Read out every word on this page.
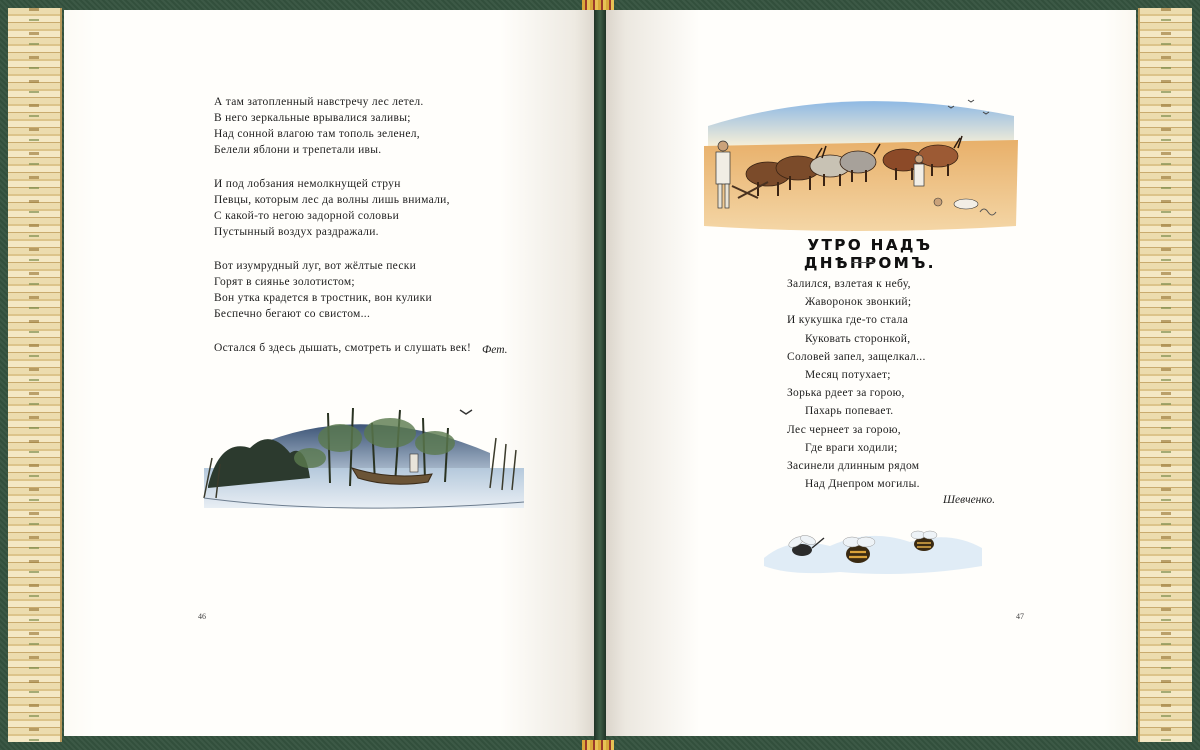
А там затопленный навстречу лес летел.
В него зеркальные врывалися заливы;
Над сонной влагою там тополь зеленел,
Белели яблони и трепетали ивы.
И под лобзания немолкнущей струн
Певцы, которым лес да волны лишь внимали,
С какой-то негою задорной соловьи
Пустынный воздух раздражали.
Вот изумрудный луг, вот жёлтые пески
Горят в сиянье золотистом;
Вон утка крадется в тростник, вон кулики
Беспечно бегают со свистом...
Остался б здесь дышать, смотреть и слушать век! Фет.
46
УТРО НАДЪ ДНѢПРОМЪ.
Залился, взлетая к небу,
Жаворонок звонкий;
И кукушка где-то стала
Куковать сторонкой,
Соловей запел, защелкал...
Месяц потухает;
Зорька рдеет за горою,
Пахарь попевает.
Лес чернеет за горою,
Где враги ходили;
Засинели длинным рядом
Над Днепром могилы.
Шевченко.
47
